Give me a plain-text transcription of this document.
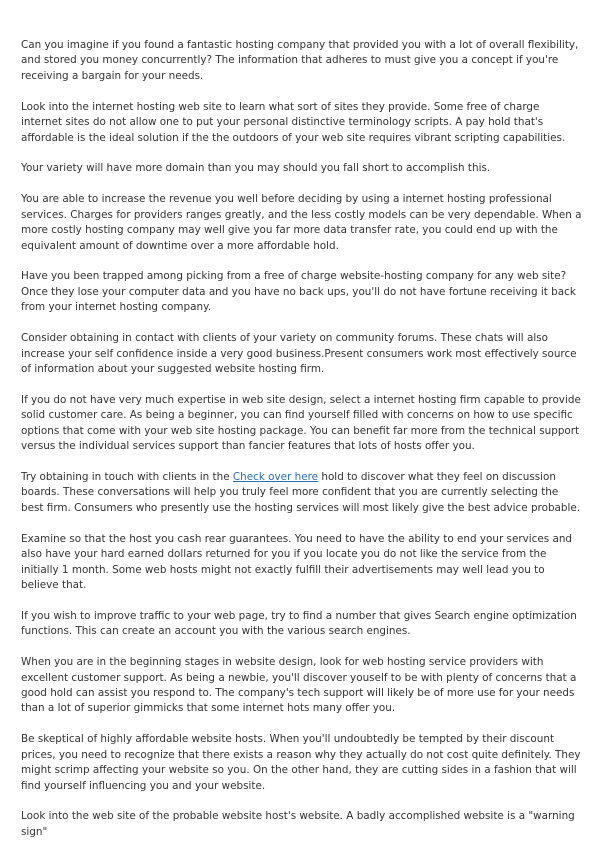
Can you imagine if you found a fantastic hosting company that provided you with a lot of overall flexibility, and stored you money concurrently? The information that adheres to must give you a concept if you're receiving a bargain for your needs.

Look into the internet hosting web site to learn what sort of sites they provide. Some free of charge internet sites do not allow one to put your personal distinctive terminology scripts. A pay hold that's affordable is the ideal solution if the the outdoors of your web site requires vibrant scripting capabilities.

Your variety will have more domain than you may should you fall short to accomplish this.

You are able to increase the revenue you well before deciding by using a internet hosting professional services. Charges for providers ranges greatly, and the less costly models can be very dependable. When a more costly hosting company may well give you far more data transfer rate, you could end up with the equivalent amount of downtime over a more affordable hold.

Have you been trapped among picking from a free of charge website-hosting company for any web site? Once they lose your computer data and you have no back ups, you'll do not have fortune receiving it back from your internet hosting company.

Consider obtaining in contact with clients of your variety on community forums. These chats will also increase your self confidence inside a very good business.Present consumers work most effectively source of information about your suggested website hosting firm.

If you do not have very much expertise in web site design, select a internet hosting firm capable to provide solid customer care. As being a beginner, you can find yourself filled with concerns on how to use specific options that come with your web site hosting package. You can benefit far more from the technical support versus the individual services support than fancier features that lots of hosts offer you.

Try obtaining in touch with clients in the Check over here hold to discover what they feel on discussion boards. These conversations will help you truly feel more confident that you are currently selecting the best firm. Consumers who presently use the hosting services will most likely give the best advice probable.

Examine so that the host you cash rear guarantees. You need to have the ability to end your services and also have your hard earned dollars returned for you if you locate you do not like the service from the initially 1 month. Some web hosts might not exactly fulfill their advertisements may well lead you to believe that.

If you wish to improve traffic to your web page, try to find a number that gives Search engine optimization functions. This can create an account you with the various search engines.

When you are in the beginning stages in website design, look for web hosting service providers with excellent customer support. As being a newbie, you'll discover youself to be with plenty of concerns that a good hold can assist you respond to. The company's tech support will likely be of more use for your needs than a lot of superior gimmicks that some internet hots many offer you.

Be skeptical of highly affordable website hosts. When you'll undoubtedly be tempted by their discount prices, you need to recognize that there exists a reason why they actually do not cost quite definitely. They might scrimp affecting your website so you. On the other hand, they are cutting sides in a fashion that will find yourself influencing you and your website.

Look into the web site of the probable website host's website. A badly accomplished website is a "warning sign"
